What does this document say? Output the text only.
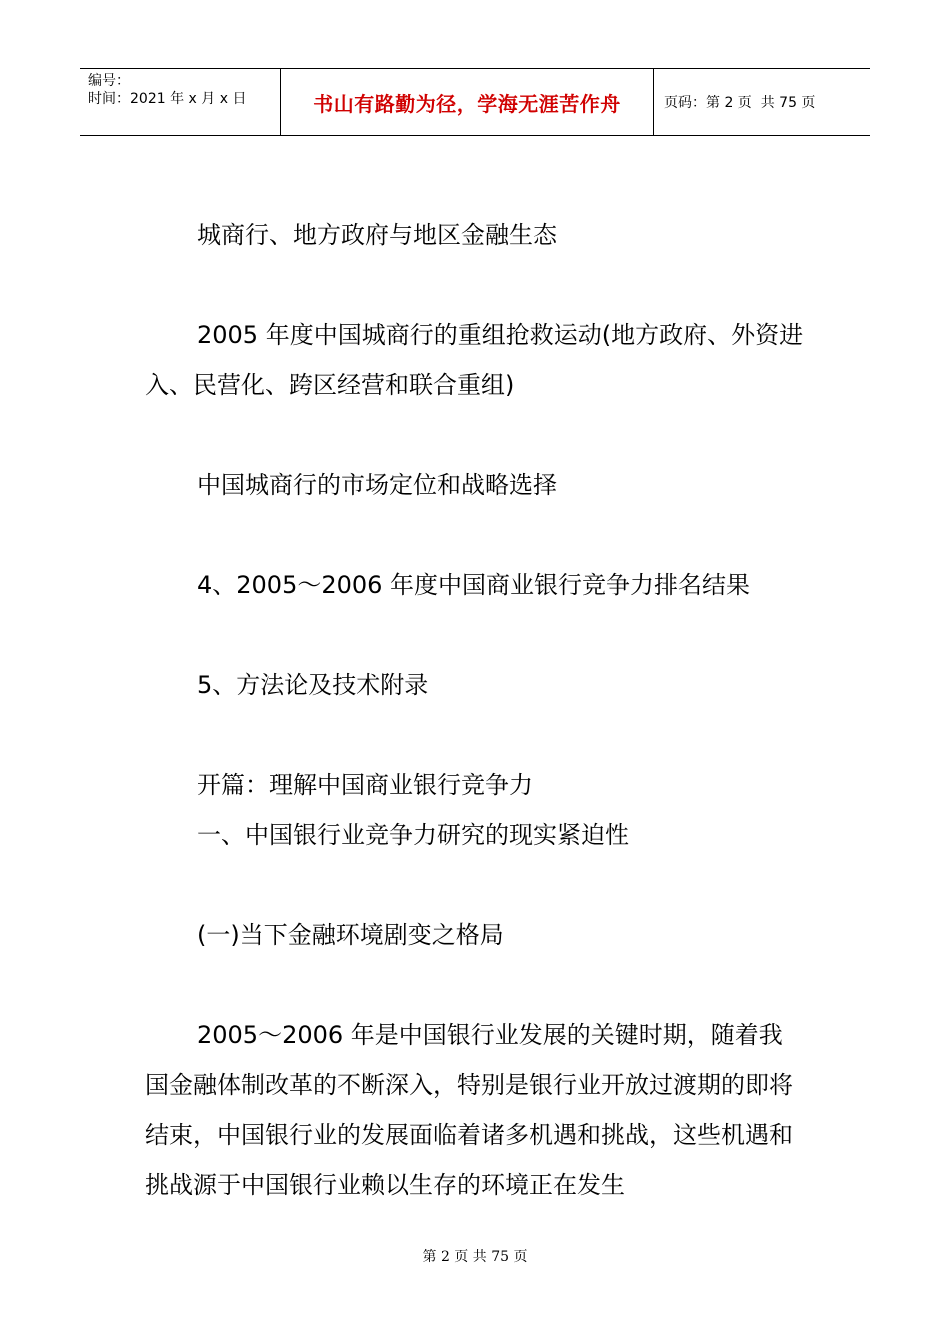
编号：
时间：2021 年 x 月 x 日	书山有路勤为径，学海无涯苦作舟	页码：第 2 页  共 75 页

城商行、地方政府与地区金融生态

2005 年度中国城商行的重组抢救运动(地方政府、外资进入、民营化、跨区经营和联合重组)

中国城商行的市场定位和战略选择

4、2005～2006 年度中国商业银行竞争力排名结果

5、方法论及技术附录

开篇：理解中国商业银行竞争力

一、中国银行业竞争力研究的现实紧迫性

(一)当下金融环境剧变之格局

2005～2006 年是中国银行业发展的关键时期，随着我国金融体制改革的不断深入，特别是银行业开放过渡期的即将结束，中国银行业的发展面临着诸多机遇和挑战，这些机遇和挑战源于中国银行业赖以生存的环境正在发生

第 2 页 共 75 页
